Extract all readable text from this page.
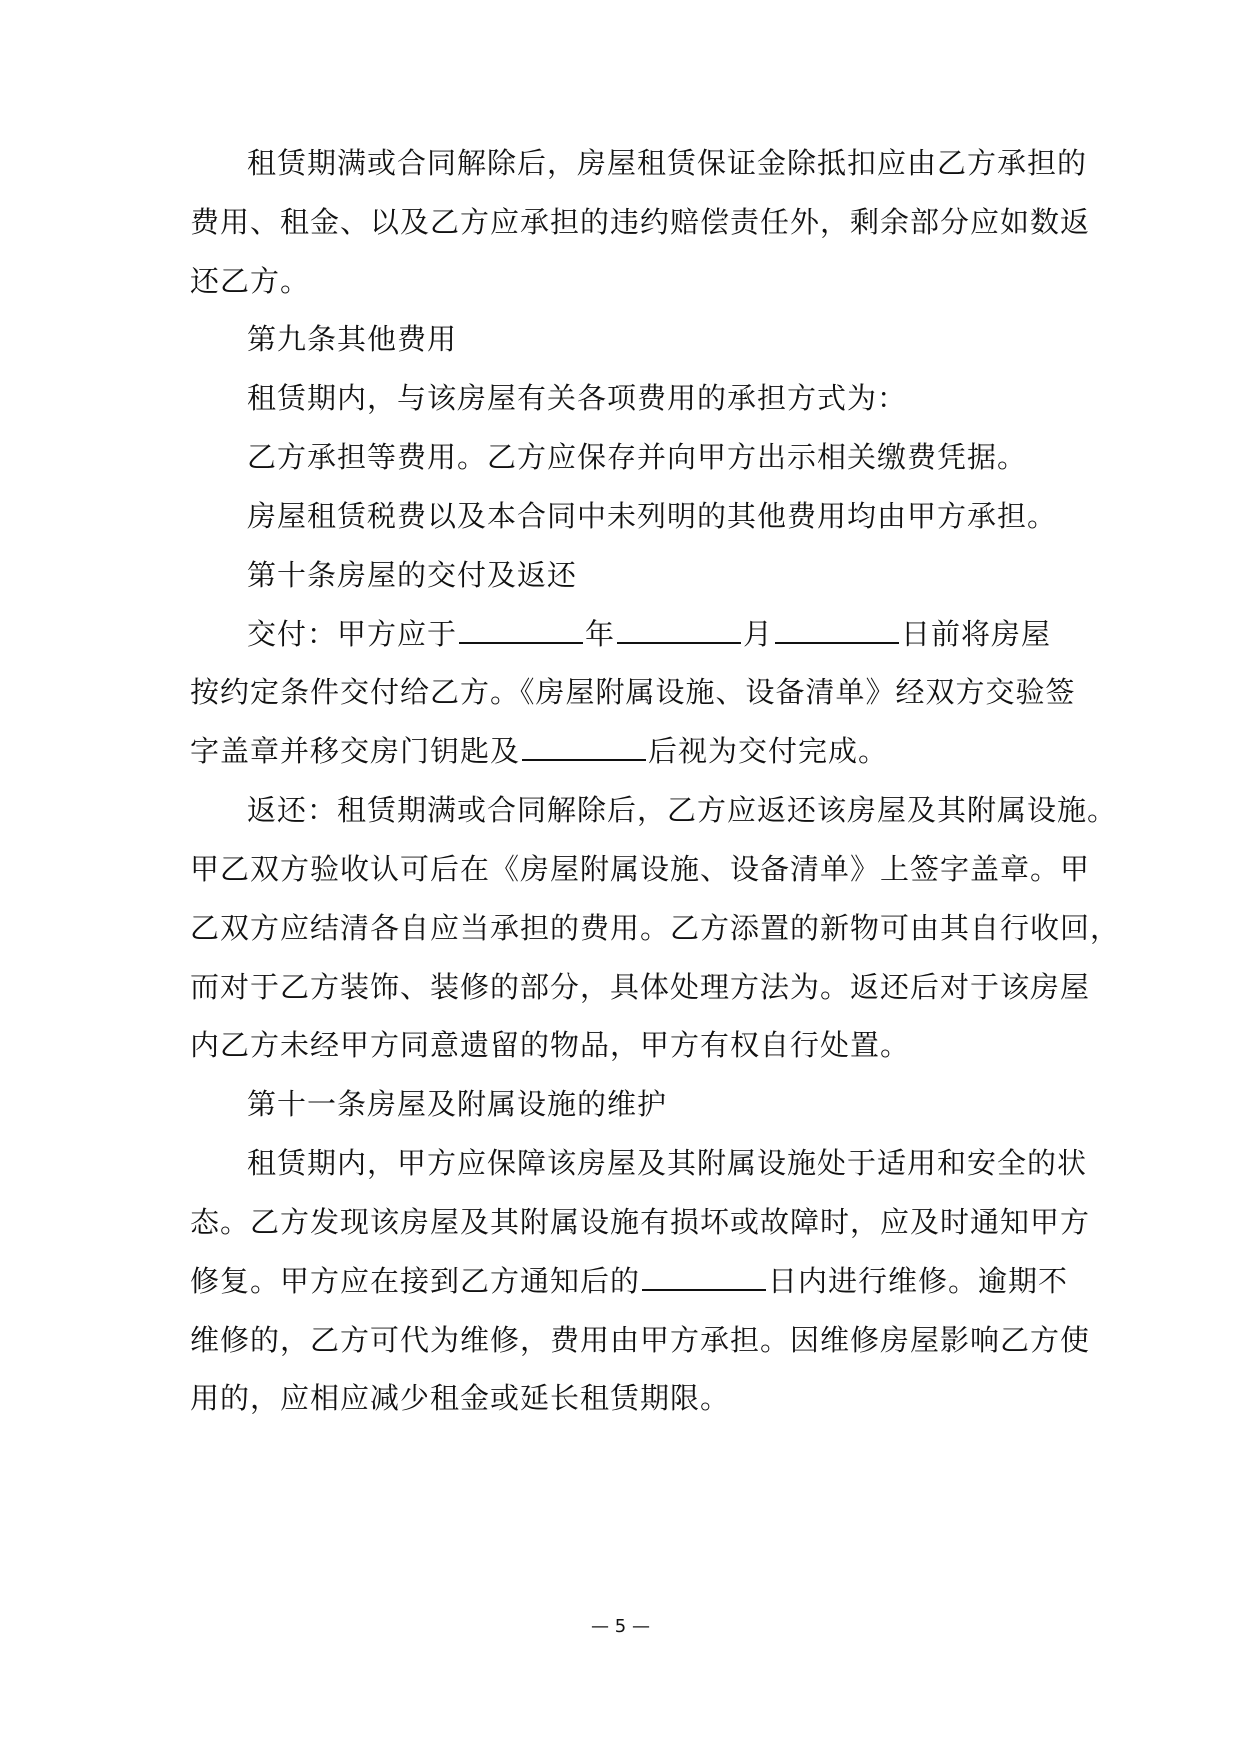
租赁期满或合同解除后，房屋租赁保证金除抵扣应由乙方承担的
费用、租金、以及乙方应承担的违约赔偿责任外，剩余部分应如数返
还乙方。
第九条其他费用
租赁期内，与该房屋有关各项费用的承担方式为：
乙方承担等费用。乙方应保存并向甲方出示相关缴费凭据。
房屋租赁税费以及本合同中未列明的其他费用均由甲方承担。
第十条房屋的交付及返还
交付：甲方应于	年	月	日前将房屋
按约定条件交付给乙方。《房屋附属设施、设备清单》经双方交验签
字盖章并移交房门钥匙及	后视为交付完成。
返还：租赁期满或合同解除后，乙方应返还该房屋及其附属设施。
甲乙双方验收认可后在《房屋附属设施、设备清单》上签字盖章。甲
乙双方应结清各自应当承担的费用。乙方添置的新物可由其自行收回，
而对于乙方装饰、装修的部分，具体处理方法为。返还后对于该房屋
内乙方未经甲方同意遗留的物品，甲方有权自行处置。
第十一条房屋及附属设施的维护
租赁期内，甲方应保障该房屋及其附属设施处于适用和安全的状
态。乙方发现该房屋及其附属设施有损坏或故障时，应及时通知甲方
修复。甲方应在接到乙方通知后的	日内进行维修。逾期不
维修的，乙方可代为维修，费用由甲方承担。因维修房屋影响乙方使
用的，应相应减少租金或延长租赁期限。
— 5 —
